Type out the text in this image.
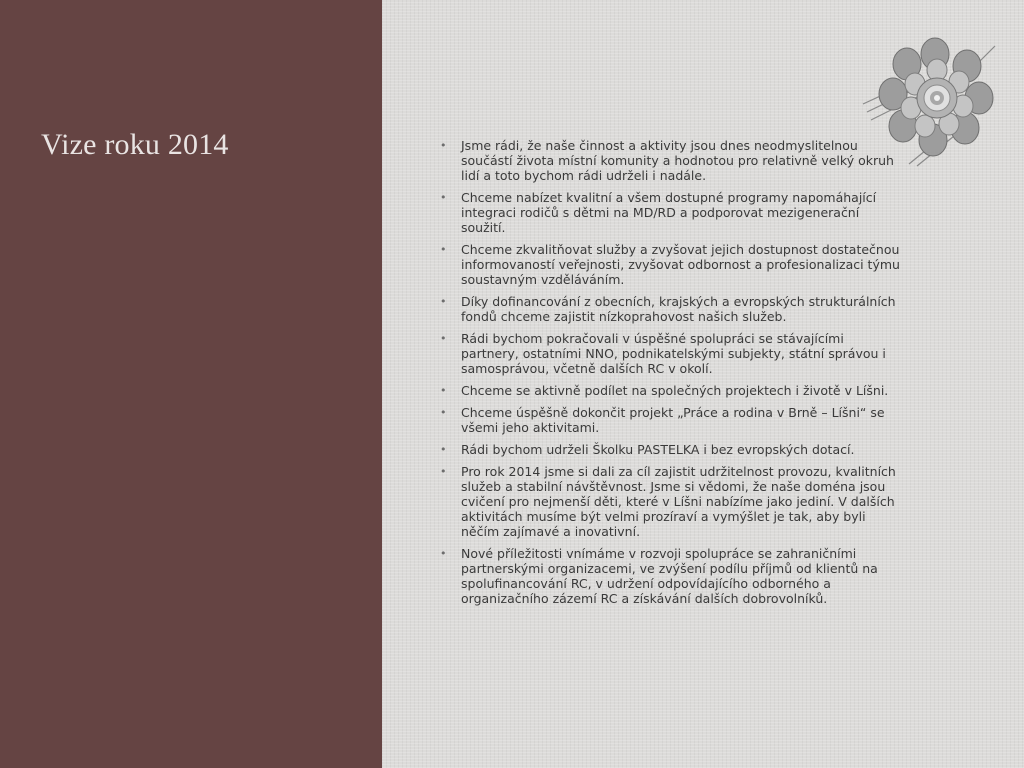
Vize roku 2014	•	Jsme rádi, že naše činnost a aktivity jsou dnes neodmyslitelnou součástí života místní komunity a hodnotou pro relativně velký okruh lidí a toto bychom rádi udrželi i nadále.
•	Chceme nabízet kvalitní a všem dostupné programy napomáhající integraci rodičů s dětmi na MD/RD a podporovat mezigenerační soužití.
•	Chceme zkvalitňovat služby a zvyšovat jejich dostupnost dostatečnou informovaností veřejnosti, zvyšovat odbornost a profesionalizaci týmu soustavným vzděláváním.
•	Díky dofinancování z obecních, krajských a evropských strukturálních fondů chceme zajistit nízkoprahovost našich služeb.
•	Rádi bychom pokračovali v úspěšné spolupráci se stávajícími partnery, ostatními NNO, podnikatelskými subjekty, státní správou i samosprávou, včetně dalších RC v okolí.
•	Chceme se aktivně podílet na společných projektech i životě v Líšni.
•	Chceme úspěšně dokončit projekt „Práce a rodina v Brně – Líšni“ se všemi jeho aktivitami.
•	Rádi bychom udrželi Školku PASTELKA i bez evropských dotací.
•	Pro rok 2014 jsme si dali za cíl zajistit udržitelnost provozu, kvalitních služeb a stabilní návštěvnost. Jsme si vědomi, že naše doména jsou cvičení pro nejmenší děti, které v Líšni nabízíme jako jediní. V dalších aktivitách musíme být velmi prozíraví a vymýšlet je tak, aby byli něčím zajímavé a inovativní.
•	Nové příležitosti vnímáme v rozvoji spolupráce se zahraničními partnerskými organizacemi, ve zvýšení podílu příjmů od klientů na spolufinancování RC, v udržení odpovídajícího odborného a organizačního zázemí RC a získávání dalších dobrovolníků.
